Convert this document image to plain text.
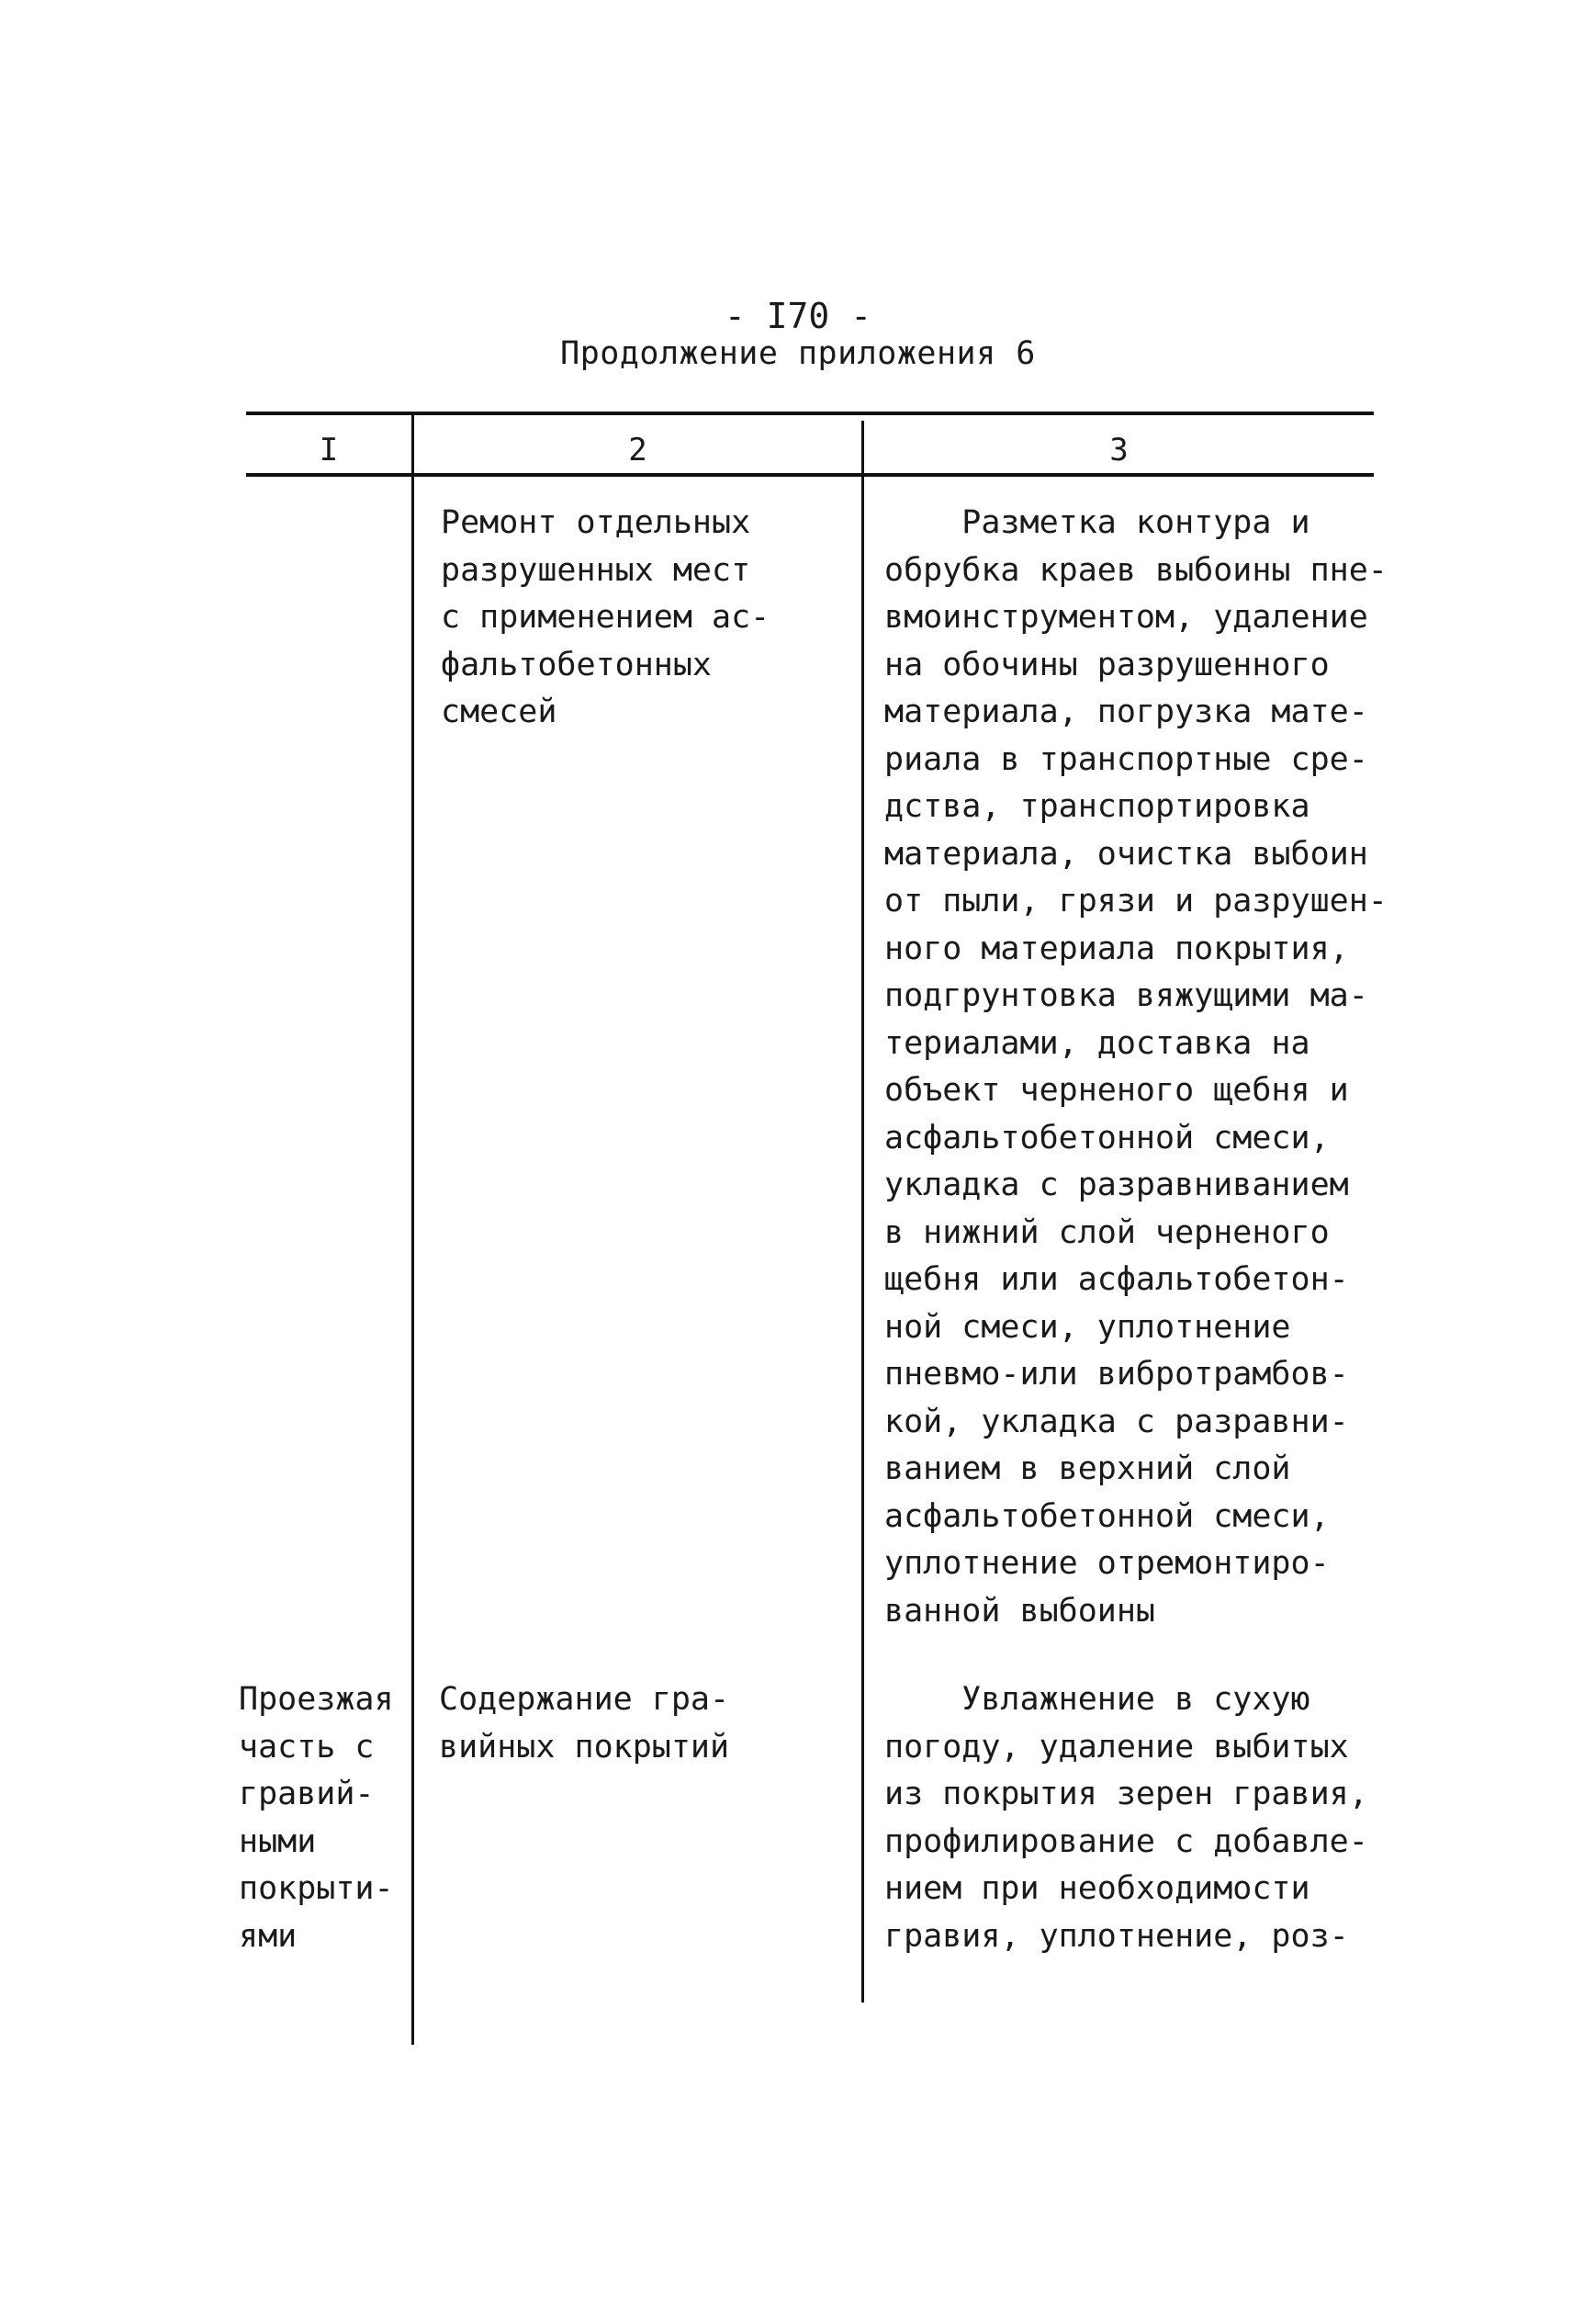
- I70 -
Продолжение приложения 6
I	2	3
Ремонт отдельных
разрушенных мест
с применением ас-
фальтобетонных
смесей
Разметка контура и
обрубка краев выбоины пне-
вмоинструментом, удаление
на обочины разрушенного
материала, погрузка мате-
риала в транспортные сре-
дства, транспортировка
материала, очистка выбоин
от пыли, грязи и разрушен-
ного материала покрытия,
подгрунтовка вяжущими ма-
териалами, доставка на
объект черненого щебня и
асфальтобетонной смеси,
укладка с разравниванием
в нижний слой черненого
щебня или асфальтобетон-
ной смеси, уплотнение
пневмо-или вибротрамбов-
кой, укладка с разравни-
ванием в верхний слой
асфальтобетонной смеси,
уплотнение отремонтиро-
ванной выбоины
Проезжая
часть с
гравий-
ными
покрыти-
ями
Содержание гра-
вийных покрытий
Увлажнение в сухую
погоду, удаление выбитых
из покрытия зерен гравия,
профилирование с добавле-
нием при необходимости
гравия, уплотнение, роз-
